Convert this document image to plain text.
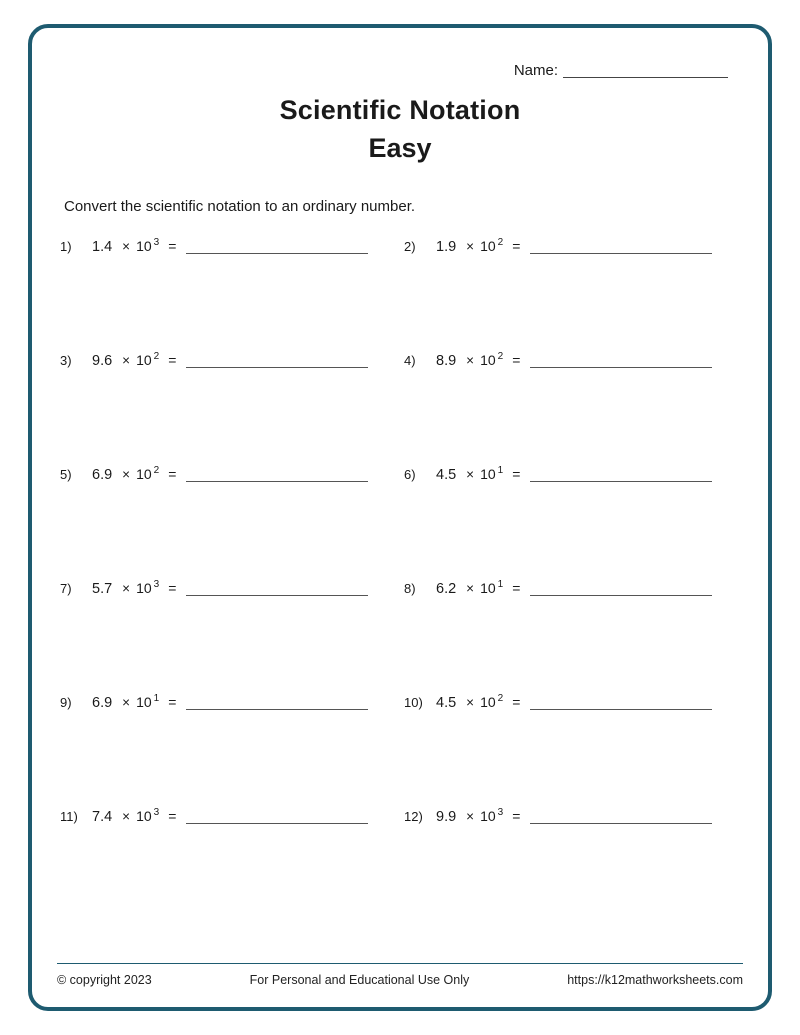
Name:
Scientific Notation
Easy
Convert the scientific notation to an ordinary number.
1) 1.4 × 10 $^3$ =	2) 1.9 × 10 $^2$ =
3) 9.6 × 10 $^2$ =	4) 8.9 × 10 $^2$ =
5) 6.9 × 10 $^2$ =	6) 4.5 × 10 $^1$ =
7) 5.7 × 10 $^3$ =	8) 6.2 × 10 $^1$ =
9) 6.9 × 10 $^1$ =	10) 4.5 × 10 $^2$ =
11) 7.4 × 10 $^3$ =	12) 9.9 × 10 $^3$ =
© copyright 2023	For Personal and Educational Use Only	https://k12mathworksheets.com
